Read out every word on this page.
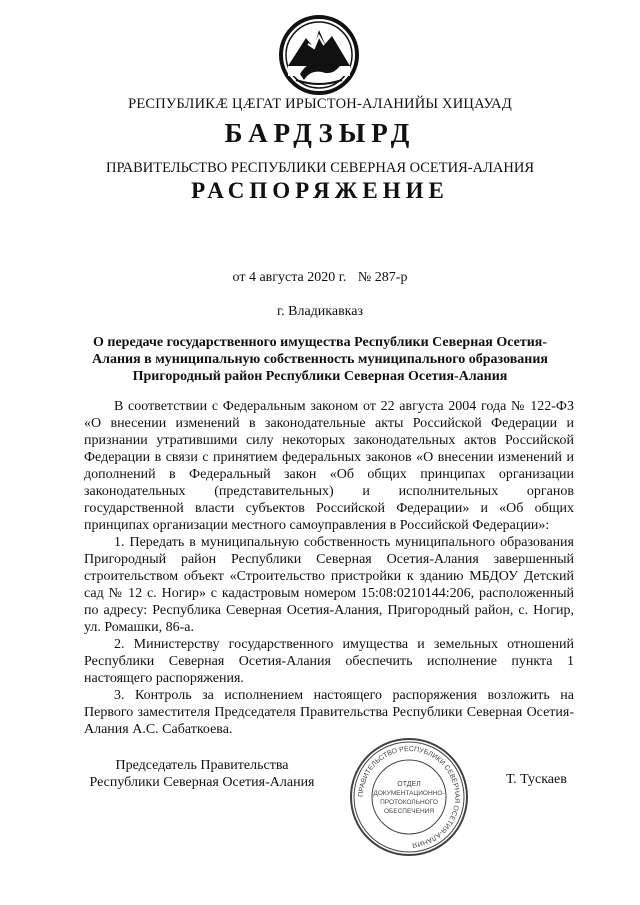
РЕСПУБЛИКӔ ЦӔГАТ ИРЫСТОН-АЛАНИЙЫ ХИЦАУАД
БАРДЗЫРД
ПРАВИТЕЛЬСТВО РЕСПУБЛИКИ СЕВЕРНАЯ ОСЕТИЯ-АЛАНИЯ
РАСПОРЯЖЕНИЕ
от 4 августа 2020 г. № 287-р
г. Владикавказ
О передаче государственного имущества Республики Северная Осетия-Алания в муниципальную собственность муниципального образования Пригородный район Республики Северная Осетия-Алания

В соответствии с Федеральным законом от 22 августа 2004 года № 122-ФЗ «О внесении изменений в законодательные акты Российской Федерации и признании утратившими силу некоторых законодательных актов Российской Федерации в связи с принятием федеральных законов «О внесении изменений и дополнений в Федеральный закон «Об общих принципах организации законодательных (представительных) и исполнительных органов государственной власти субъектов Российской Федерации» и «Об общих принципах организации местного самоуправления в Российской Федерации»:

1. Передать в муниципальную собственность муниципального образования Пригородный район Республики Северная Осетия-Алания завершенный строительством объект «Строительство пристройки к зданию МБДОУ Детский сад № 12 с. Ногир» с кадастровым номером 15:08:0210144:206, расположенный по адресу: Республика Северная Осетия-Алания, Пригородный район, с. Ногир, ул. Ромашки, 86-а.

2. Министерству государственного имущества и земельных отношений Республики Северная Осетия-Алания обеспечить исполнение пункта 1 настоящего распоряжения.

3. Контроль за исполнением настоящего распоряжения возложить на Первого заместителя Председателя Правительства Республики Северная Осетия-Алания А.С. Сабаткоева.

Председатель Правительства
Республики Северная Осетия-Алания
ПРАВИТЕЛЬСТВО РЕСПУБЛИКИ СЕВЕРНАЯ ОСЕТИЯ-АЛАНИЯ
ОТДЕЛ
ДОКУМЕНТАЦИОННО-
ПРОТОКОЛЬНОГО
ОБЕСПЕЧЕНИЯ
Т. Тускаев
